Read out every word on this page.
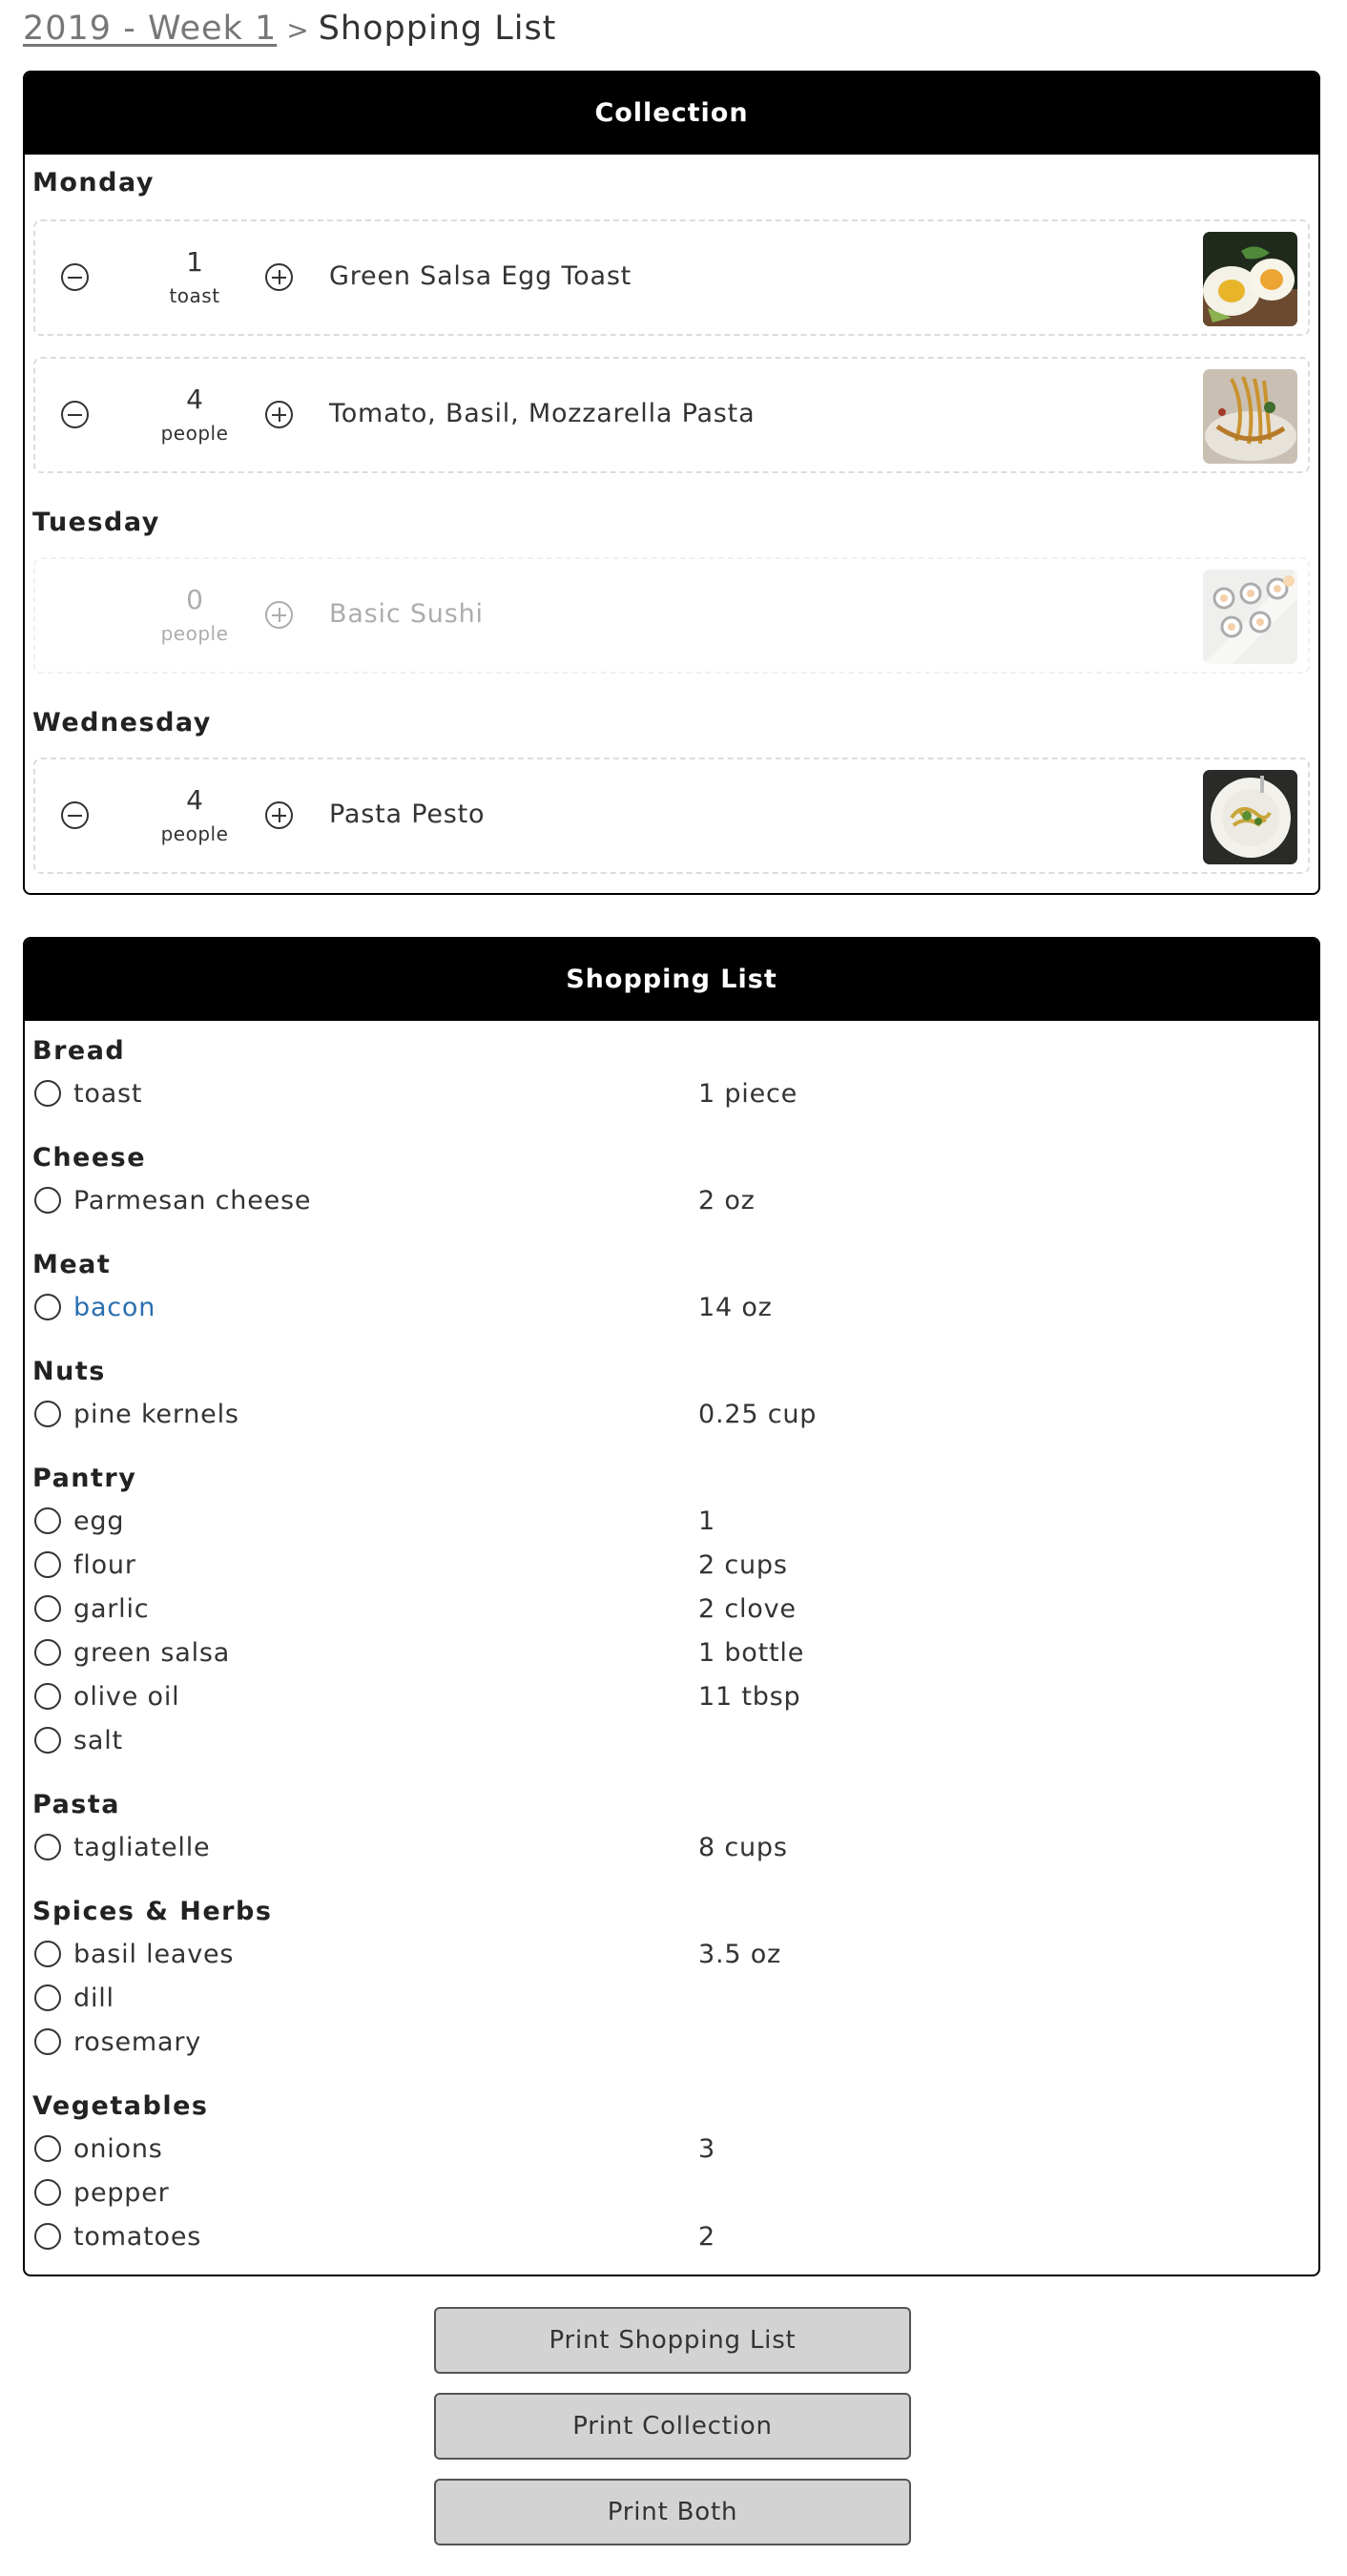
2019 - Week 1 > Shopping List
Collection
Monday
1
toast
Green Salsa Egg Toast
4
people
Tomato, Basil, Mozzarella Pasta
Tuesday
0
people
Basic Sushi
Wednesday
4
people
Pasta Pesto
Shopping List
Bread
toast	1 piece
Cheese
Parmesan cheese	2 oz
Meat
bacon	14 oz
Nuts
pine kernels	0.25 cup
Pantry
egg	1
flour	2 cups
garlic	2 clove
green salsa	1 bottle
olive oil	11 tbsp
salt
Pasta
tagliatelle	8 cups
Spices & Herbs
basil leaves	3.5 oz
dill
rosemary
Vegetables
onions	3
pepper
tomatoes	2
Print Shopping List
Print Collection
Print Both
